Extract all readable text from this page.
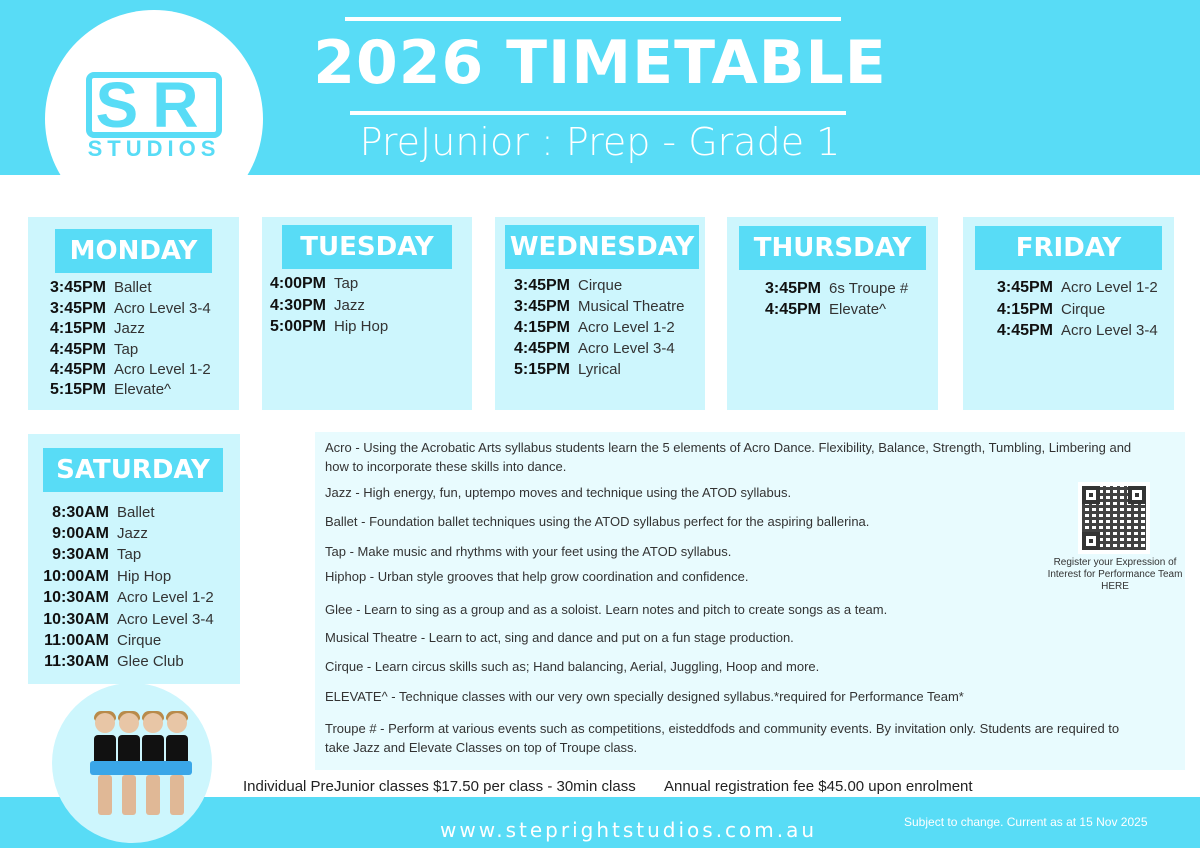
SR
STUDIOS
2026 TIMETABLE
PreJunior : Prep - Grade 1
MONDAY
3:45PM Ballet
3:45PM Acro Level 3-4
4:15PM Jazz
4:45PM Tap
4:45PM Acro Level 1-2
5:15PM Elevate^
TUESDAY
4:00PM Tap
4:30PM Jazz
5:00PM Hip Hop
WEDNESDAY
3:45PM Cirque
3:45PM Musical Theatre
4:15PM Acro Level 1-2
4:45PM Acro Level 3-4
5:15PM Lyrical
THURSDAY
3:45PM 6s Troupe #
4:45PM Elevate^
FRIDAY
3:45PM Acro Level 1-2
4:15PM Cirque
4:45PM Acro Level 3-4
SATURDAY
8:30AM Ballet
9:00AM Jazz
9:30AM Tap
10:00AM Hip Hop
10:30AM Acro Level 1-2
10:30AM Acro Level 3-4
11:00AM Cirque
11:30AM Glee Club
Acro - Using the Acrobatic Arts syllabus students learn the 5 elements of Acro Dance. Flexibility, Balance, Strength, Tumbling, Limbering and how to incorporate these skills into dance.
Jazz - High energy, fun, uptempo moves and technique using the ATOD syllabus.
Ballet - Foundation ballet techniques using the ATOD syllabus perfect for the aspiring ballerina.
Tap - Make music and rhythms with your feet using the ATOD syllabus.
Hiphop - Urban style grooves that help grow coordination and confidence.
Glee - Learn to sing as a group and as a soloist. Learn notes and pitch to create songs as a team.
Musical Theatre - Learn to act, sing and dance and put on a fun stage production.
Cirque - Learn circus skills such as; Hand balancing, Aerial, Juggling, Hoop and more.
ELEVATE^ - Technique classes with our very own specially designed syllabus.*required for Performance Team*
Troupe # - Perform at various events such as competitions, eisteddfods and community events. By invitation only. Students are required to take Jazz and Elevate Classes on top of Troupe class.
Register your Expression of Interest for Performance Team HERE
Individual PreJunior classes $17.50 per class - 30min class Annual registration fee $45.00 upon enrolment
www.steprightstudios.com.au	Subject to change. Current as at 15 Nov 2025
